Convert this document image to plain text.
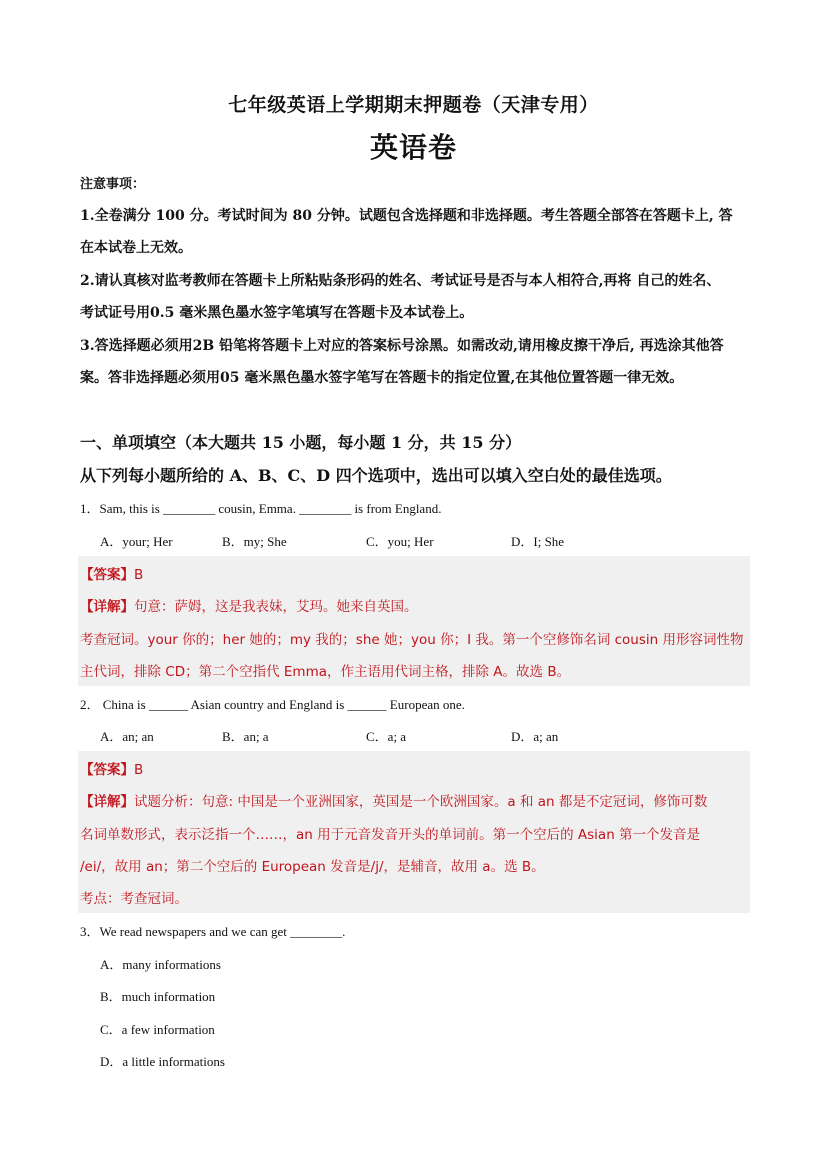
七年级英语上学期期末押题卷（天津专用）
英语卷
注意事项：
1.全卷满分 100 分。考试时间为 80 分钟。试题包含选择题和非选择题。考生答题全部答在答题卡上, 答
在本试卷上无效。
2.请认真核对监考教师在答题卡上所粘贴条形码的姓名、考试证号是否与本人相符合,再将 自己的姓名、
考试证号用0.5 毫米黑色墨水签字笔填写在答题卡及本试卷上。
3.答选择题必须用2B 铅笔将答题卡上对应的答案标号涂黑。如需改动,请用橡皮擦干净后, 再选涂其他答
案。答非选择题必须用05 毫米黑色墨水签字笔写在答题卡的指定位置,在其他位置答题一律无效。
一、单项填空（本大题共 15 小题，每小题 1 分，共 15 分）
从下列每小题所给的 A、B、C、D 四个选项中，选出可以填入空白处的最佳选项。
1．Sam, this is ________ cousin, Emma. ________ is from England.
A．your; Her	B．my; She	C．you; Her	D．I; She
【答案】B
【详解】句意：萨姆，这是我表妹，艾玛。她来自英国。
考查冠词。your 你的；her 她的；my 我的；she 她；you 你；I 我。第一个空修饰名词 cousin 用形容词性物
主代词，排除 CD；第二个空指代 Emma，作主语用代词主格，排除 A。故选 B。
2． China is ______ Asian country and England is ______ European one.
A．an; an	B．an; a	C．a; a	D．a; an
【答案】B
【详解】试题分析：句意: 中国是一个亚洲国家，英国是一个欧洲国家。a 和 an 都是不定冠词，修饰可数
名词单数形式，表示泛指一个……，an 用于元音发音开头的单词前。第一个空后的 Asian 第一个发音是
/ei/，故用 an；第二个空后的 European 发音是/j/，是辅音，故用 a。选 B。
考点：考查冠词。
3．We read newspapers and we can get ________.
A．many informations
B．much information
C．a few information
D．a little informations
